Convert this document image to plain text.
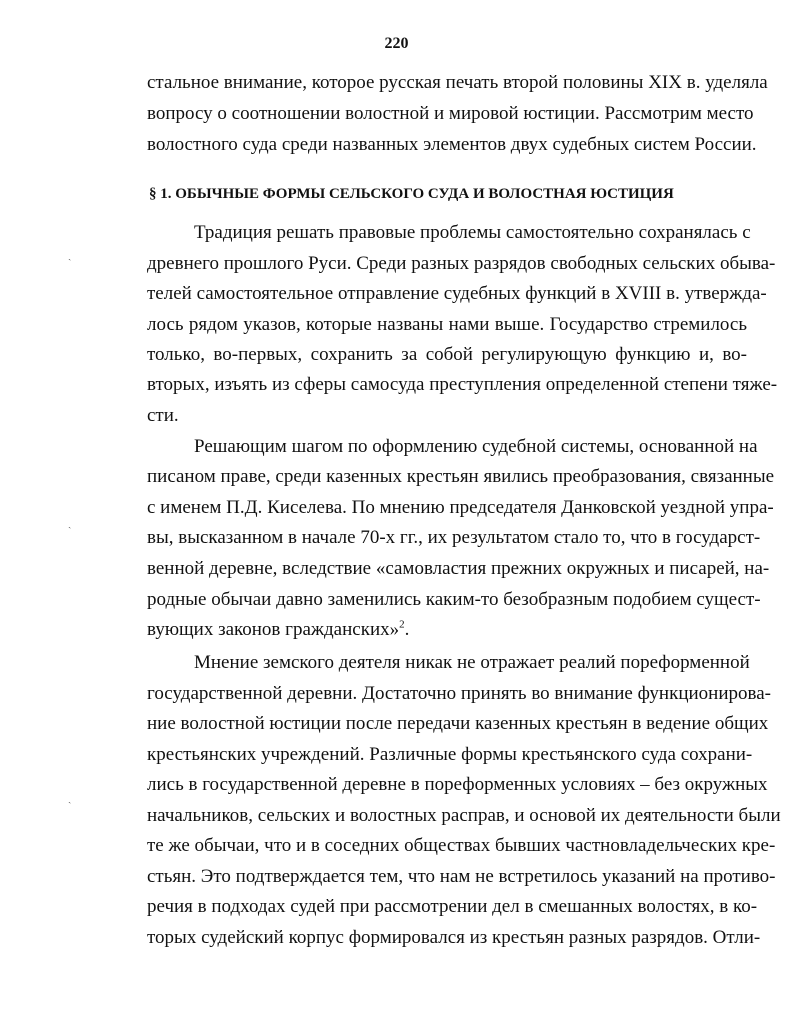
220
стальное внимание, которое русская печать второй половины XIX в. уделяла
вопросу о соотношении волостной и мировой юстиции. Рассмотрим место
волостного суда среди названных элементов двух судебных систем России.
§ 1. ОБЫЧНЫЕ ФОРМЫ СЕЛЬСКОГО СУДА И ВОЛОСТНАЯ ЮСТИЦИЯ
Традиция решать правовые проблемы самостоятельно сохранялась с
древнего прошлого Руси. Среди разных разрядов свободных сельских обыва-
телей самостоятельное отправление судебных функций в XVIII в. утвержда-
лось рядом указов, которые названы нами выше. Государство стремилось
только, во-первых, сохранить за собой регулирующую функцию и, во-
вторых, изъять из сферы самосуда преступления определенной степени тяже-
сти.
Решающим шагом по оформлению судебной системы, основанной на
писаном праве, среди казенных крестьян явились преобразования, связанные
с именем П.Д. Киселева. По мнению председателя Данковской уездной упра-
вы, высказанном в начале 70-х гг., их результатом стало то, что в государст-
венной деревне, вследствие «самовластия прежних окружных и писарей, на-
родные обычаи давно заменились каким-то безобразным подобием сущест-
вующих законов гражданских»$^2$.
Мнение земского деятеля никак не отражает реалий пореформенной
государственной деревни. Достаточно принять во внимание функционирова-
ние волостной юстиции после передачи казенных крестьян в ведение общих
крестьянских учреждений. Различные формы крестьянского суда сохрани-
лись в государственной деревне в пореформенных условиях – без окружных
начальников, сельских и волостных расправ, и основой их деятельности были
те же обычаи, что и в соседних обществах бывших частновладельческих кре-
стьян. Это подтверждается тем, что нам не встретилось указаний на противо-
речия в подходах судей при рассмотрении дел в смешанных волостях, в ко-
торых судейский корпус формировался из крестьян разных разрядов. Отли-
ˎ
ˎ
ˎ
